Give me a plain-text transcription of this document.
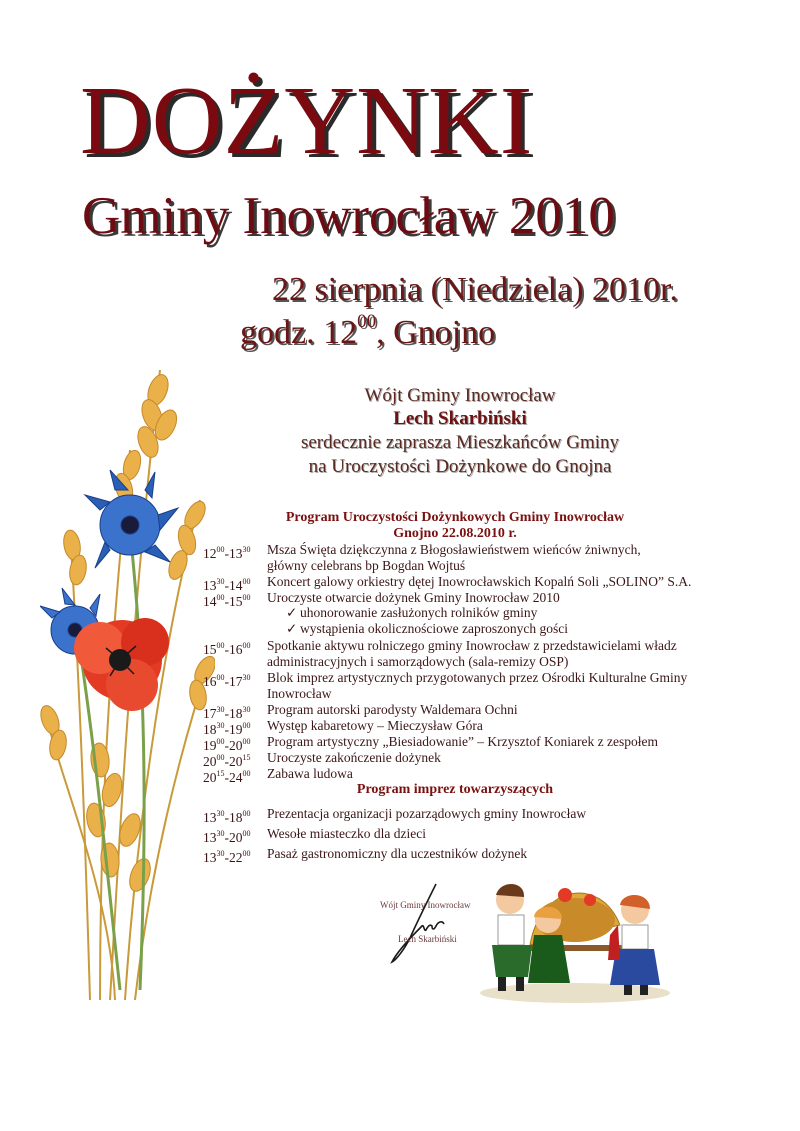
DOŻYNKI
Gminy Inowrocław 2010
22 sierpnia (Niedziela) 2010r.
godz. $12^{00}$, Gnojno
Wójt Gminy Inowrocław
Lech Skarbiński
serdecznie zaprasza Mieszkańców Gminy
na Uroczystości Dożynkowe do Gnojna
Program Uroczystości Dożynkowych Gminy Inowrocław
Gnojno 22.08.2010 r.
$12^{00}-13^{30}$	Msza Święta dziękczynna z Błogosławieństwem wieńców żniwnych,
główny celebrans bp Bogdan Wojtuś
$13^{30}-14^{00}$	Koncert galowy orkiestry dętej Inowrocławskich Kopalń Soli „SOLINO” S.A.
$14^{00}-15^{00}$	Uroczyste otwarcie dożynek Gminy Inowrocław 2010
$15^{00}-16^{00}$	Spotkanie aktywu rolniczego gminy Inowrocław z przedstawicielami władz
administracyjnych i samorządowych (sala-remizy OSP)
$16^{00}-17^{30}$	Blok imprez artystycznych przygotowanych przez Ośrodki Kulturalne Gminy
Inowrocław
$17^{30}-18^{30}$	Program autorski parodysty Waldemara Ochni
$18^{30}-19^{00}$	Występ kabaretowy – Mieczysław Góra
$19^{00}-20^{00}$	Program artystyczny „Biesiadowanie” – Krzysztof Koniarek z zespołem
$20^{00}-20^{15}$	Uroczyste zakończenie dożynek
$20^{15}-24^{00}$	Zabawa ludowa
✓ uhonorowanie zasłużonych rolników gminy
✓ wystąpienia okolicznościowe zaproszonych gości
Program imprez towarzyszących
$13^{30}-18^{00}$	Prezentacja organizacji pozarządowych gminy Inowrocław
$13^{30}-20^{00}$	Wesołe miasteczko dla dzieci
$13^{30}-22^{00}$	Pasaż gastronomiczny dla uczestników dożynek
Wójt Gminy Inowrocław
Lech Skarbiński
